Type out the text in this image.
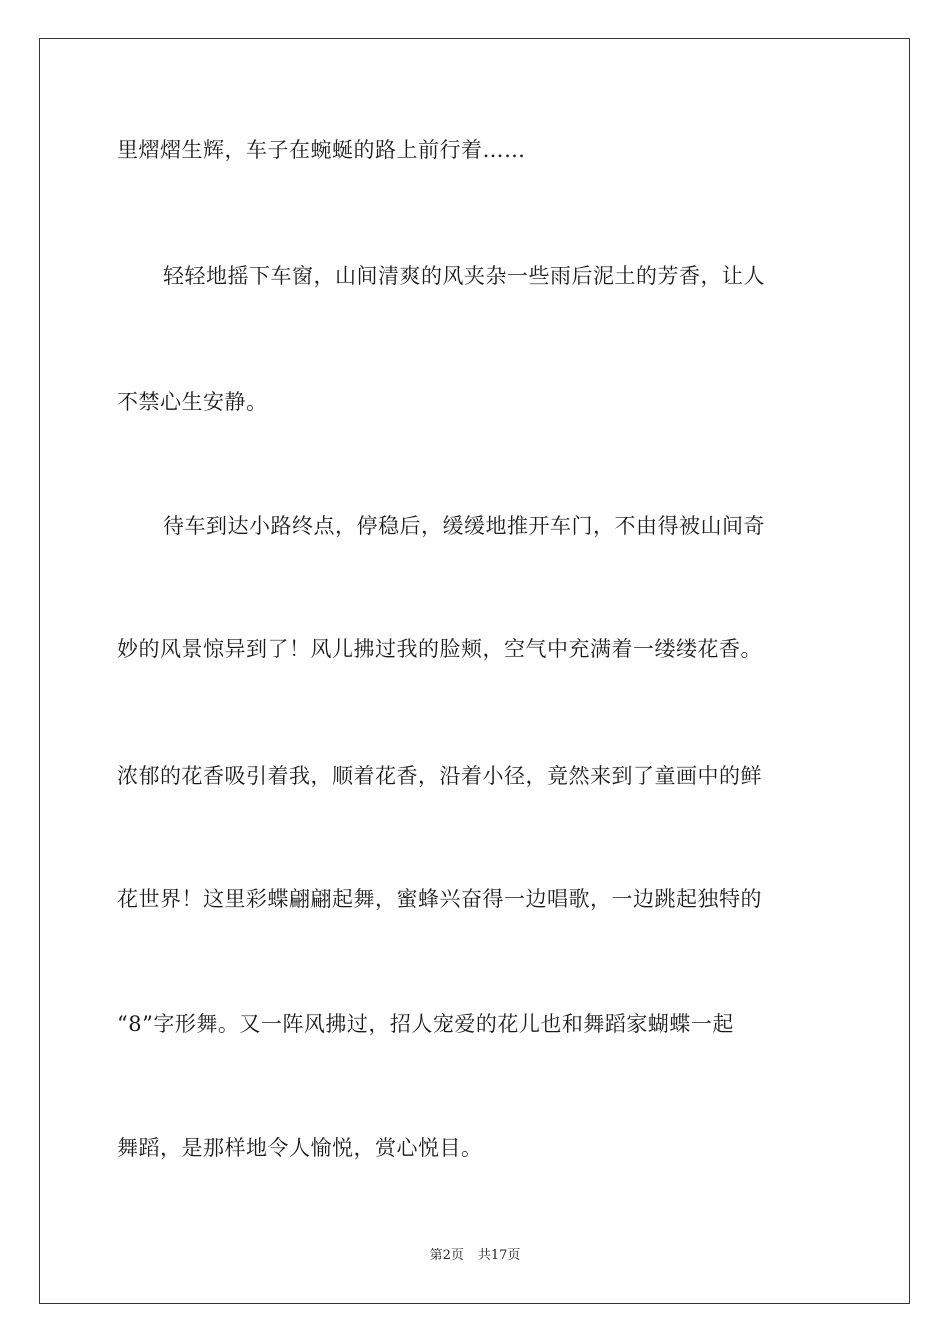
里熠熠生辉，车子在蜿蜒的路上前行着……
轻轻地摇下车窗，山间清爽的风夹杂一些雨后泥土的芳香，让人
不禁心生安静。
待车到达小路终点，停稳后，缓缓地推开车门，不由得被山间奇
妙的风景惊异到了！风儿拂过我的脸颊，空气中充满着一缕缕花香。
浓郁的花香吸引着我，顺着花香，沿着小径，竟然来到了童画中的鲜
花世界！这里彩蝶翩翩起舞，蜜蜂兴奋得一边唱歌，一边跳起独特的
“8”字形舞。又一阵风拂过，招人宠爱的花儿也和舞蹈家蝴蝶一起
舞蹈，是那样地令人愉悦，赏心悦目。
第2页 共17页
